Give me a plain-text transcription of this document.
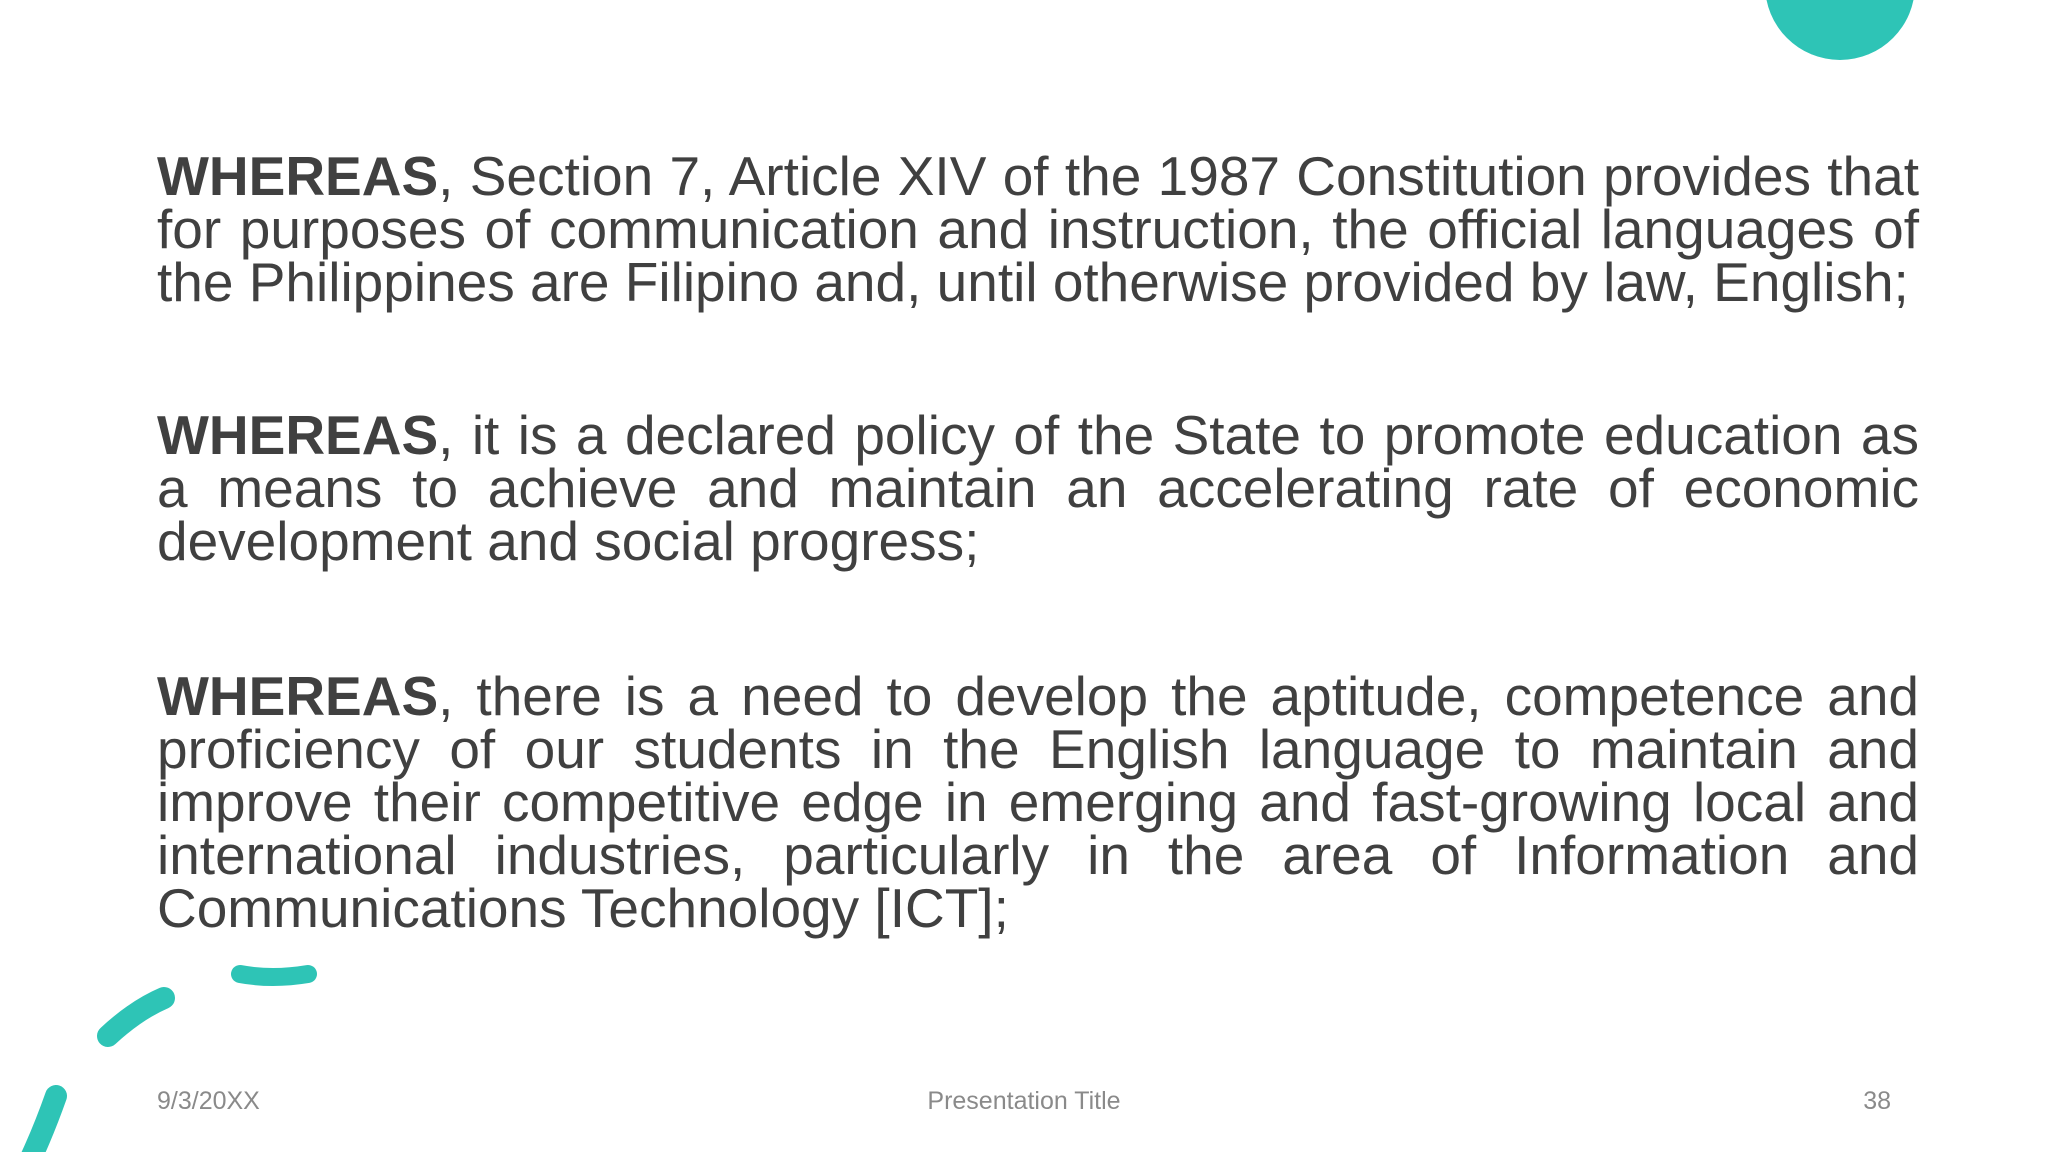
WHEREAS, Section 7, Article XIV of the 1987 Constitution provides that for purposes of communication and instruction, the official languages of the Philippines are Filipino and, until otherwise provided by law, English;

WHEREAS, it is a declared policy of the State to promote education as a means to achieve and maintain an accelerating rate of economic development and social progress;

WHEREAS, there is a need to develop the aptitude, competence and proficiency of our students in the English language to maintain and improve their competitive edge in emerging and fast-growing local and international industries, particularly in the area of Information and Communications Technology [ICT];

Presentation Title
9/3/20XX	38
